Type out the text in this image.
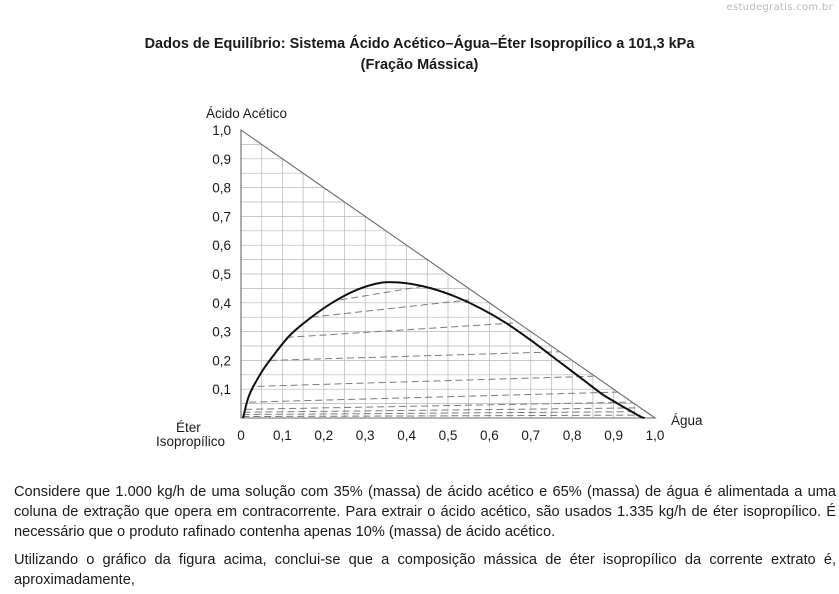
estudegratis.com.br
Dados de Equilíbrio: Sistema Ácido Acético–Água–Éter Isopropílico a 101,3 kPa
(Fração Mássica)
0,1
0,2
0,3
0,4
0,5
0,6
0,7
0,8
0,9
1,0
0 0,1 0,2 0,3 0,4 0,5 0,6 0,7 0,8 0,9 1,0
Ácido Acético
Água
Éter
Isopropílico
Considere que 1.000 kg/h de uma solução com 35% (massa) de ácido acético e 65% (massa) de água é alimentada a uma coluna de extração que opera em contracorrente. Para extrair o ácido acético, são usados 1.335 kg/h de éter isopropílico. É necessário que o produto rafinado contenha apenas 10% (massa) de ácido acético.
Utilizando o gráfico da figura acima, conclui-se que a composição mássica de éter isopropílico da corrente extrato é, aproximadamente,
